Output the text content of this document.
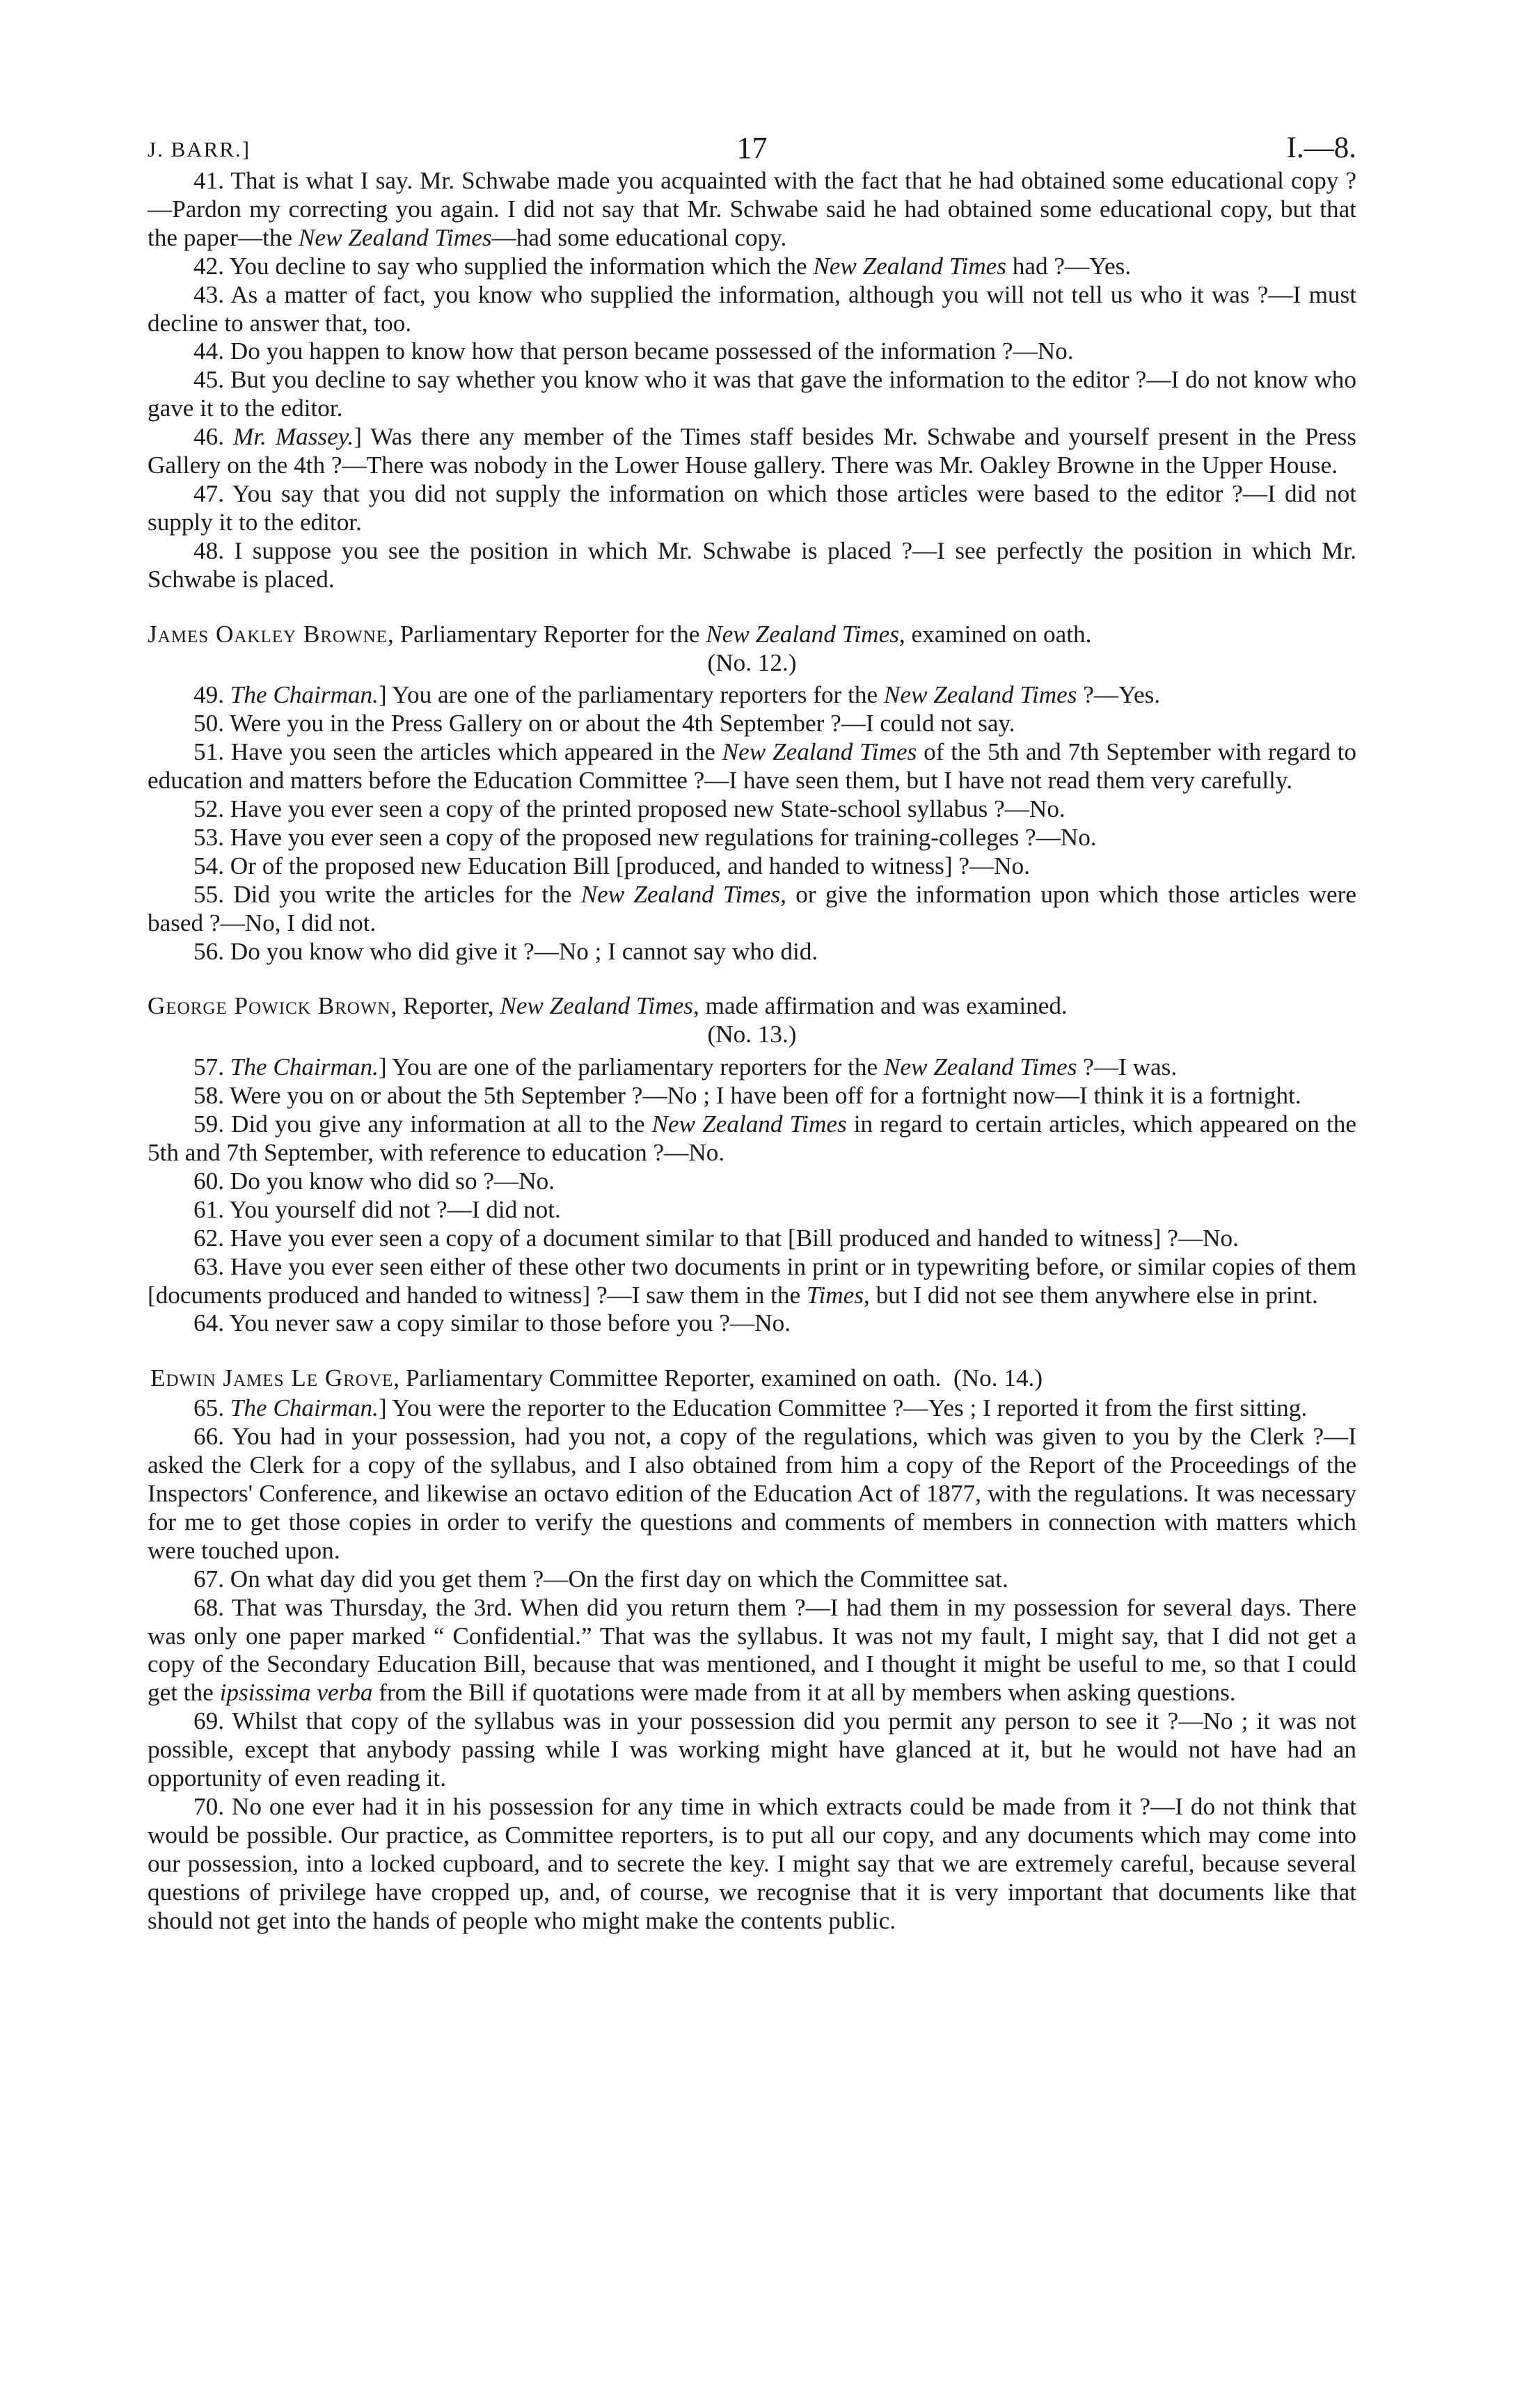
J. BARR.]	17	I.—8.

41. That is what I say. Mr. Schwabe made you acquainted with the fact that he had obtained some educational copy ?—Pardon my correcting you again. I did not say that Mr. Schwabe said he had obtained some educational copy, but that the paper—the New Zealand Times—had some educational copy.

42. You decline to say who supplied the information which the New Zealand Times had ?—Yes.

43. As a matter of fact, you know who supplied the information, although you will not tell us who it was ?—I must decline to answer that, too.

44. Do you happen to know how that person became possessed of the information ?—No.

45. But you decline to say whether you know who it was that gave the information to the editor ?—I do not know who gave it to the editor.

46. Mr. Massey.] Was there any member of the Times staff besides Mr. Schwabe and yourself present in the Press Gallery on the 4th ?—There was nobody in the Lower House gallery. There was Mr. Oakley Browne in the Upper House.

47. You say that you did not supply the information on which those articles were based to the editor ?—I did not supply it to the editor.

48. I suppose you see the position in which Mr. Schwabe is placed ?—I see perfectly the position in which Mr. Schwabe is placed.

James Oakley Browne, Parliamentary Reporter for the New Zealand Times, examined on oath.

(No. 12.)

49. The Chairman.] You are one of the parliamentary reporters for the New Zealand Times ?—Yes.

50. Were you in the Press Gallery on or about the 4th September ?—I could not say.

51. Have you seen the articles which appeared in the New Zealand Times of the 5th and 7th September with regard to education and matters before the Education Committee ?—I have seen them, but I have not read them very carefully.

52. Have you ever seen a copy of the printed proposed new State-school syllabus ?—No.

53. Have you ever seen a copy of the proposed new regulations for training-colleges ?—No.

54. Or of the proposed new Education Bill [produced, and handed to witness] ?—No.

55. Did you write the articles for the New Zealand Times, or give the information upon which those articles were based ?—No, I did not.

56. Do you know who did give it ?—No ; I cannot say who did.

George Powick Brown, Reporter, New Zealand Times, made affirmation and was examined.

(No. 13.)

57. The Chairman.] You are one of the parliamentary reporters for the New Zealand Times ?—I was.

58. Were you on or about the 5th September ?—No ; I have been off for a fortnight now—I think it is a fortnight.

59. Did you give any information at all to the New Zealand Times in regard to certain articles, which appeared on the 5th and 7th September, with reference to education ?—No.

60. Do you know who did so ?—No.

61. You yourself did not ?—I did not.

62. Have you ever seen a copy of a document similar to that [Bill produced and handed to witness] ?—No.

63. Have you ever seen either of these other two documents in print or in typewriting before, or similar copies of them [documents produced and handed to witness] ?—I saw them in the Times, but I did not see them anywhere else in print.

64. You never saw a copy similar to those before you ?—No.

Edwin James Le Grove, Parliamentary Committee Reporter, examined on oath. (No. 14.)

65. The Chairman.] You were the reporter to the Education Committee ?—Yes ; I reported it from the first sitting.

66. You had in your possession, had you not, a copy of the regulations, which was given to you by the Clerk ?—I asked the Clerk for a copy of the syllabus, and I also obtained from him a copy of the Report of the Proceedings of the Inspectors' Conference, and likewise an octavo edition of the Education Act of 1877, with the regulations. It was necessary for me to get those copies in order to verify the questions and comments of members in connection with matters which were touched upon.

67. On what day did you get them ?—On the first day on which the Committee sat.

68. That was Thursday, the 3rd. When did you return them ?—I had them in my possession for several days. There was only one paper marked “ Confidential.” That was the syllabus. It was not my fault, I might say, that I did not get a copy of the Secondary Education Bill, because that was mentioned, and I thought it might be useful to me, so that I could get the ipsissima verba from the Bill if quotations were made from it at all by members when asking questions.

69. Whilst that copy of the syllabus was in your possession did you permit any person to see it ?—No ; it was not possible, except that anybody passing while I was working might have glanced at it, but he would not have had an opportunity of even reading it.

70. No one ever had it in his possession for any time in which extracts could be made from it ?—I do not think that would be possible. Our practice, as Committee reporters, is to put all our copy, and any documents which may come into our possession, into a locked cupboard, and to secrete the key. I might say that we are extremely careful, because several questions of privilege have cropped up, and, of course, we recognise that it is very important that documents like that should not get into the hands of people who might make the contents public.
